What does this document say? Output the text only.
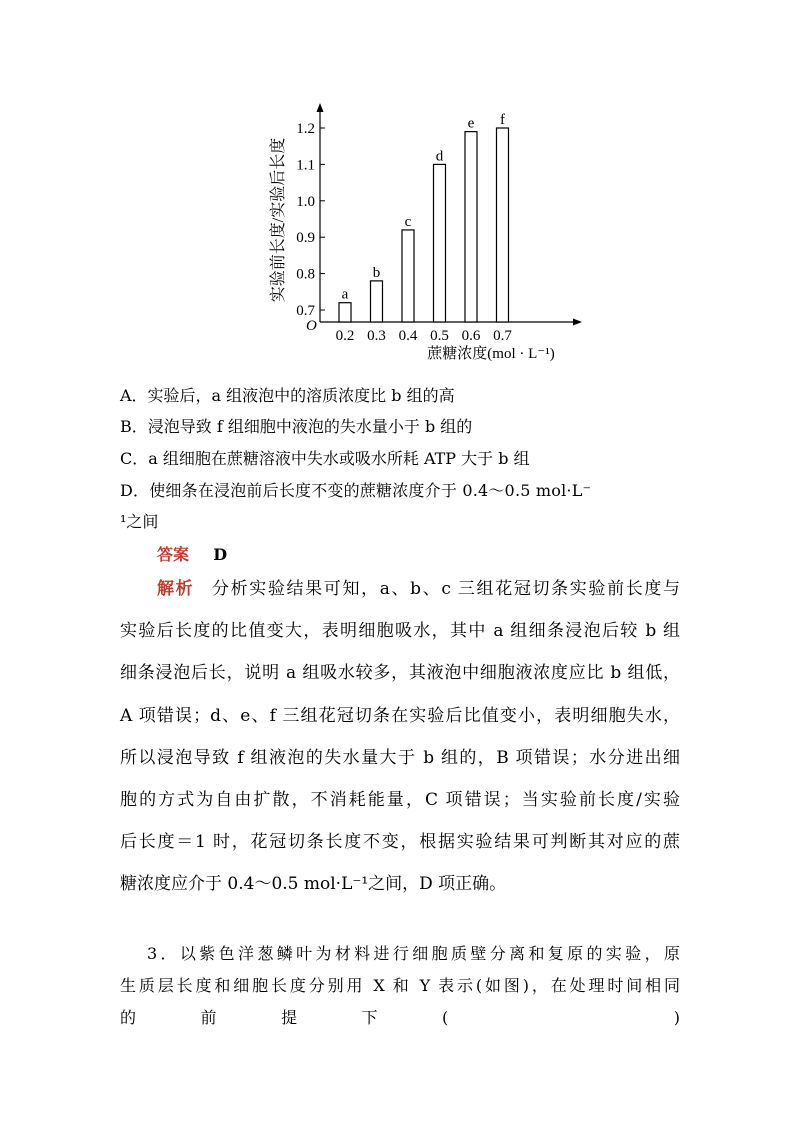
O
实验前长度/实验后长度
蔗糖浓度(mol · L⁻¹)
0.7
0.8
0.9
1.0
1.1
1.2
a
0.2
b
0.3
c
0.4
d
0.5
e
0.6
f
0.7
A．实验后，a 组液泡中的溶质浓度比 b 组的高
B．浸泡导致 f 组细胞中液泡的失水量小于 b 组的
C．a 组细胞在蔗糖溶液中失水或吸水所耗 ATP 大于 b 组
D．使细条在浸泡前后长度不变的蔗糖浓度介于 0.4～0.5 mol·L⁻
¹之间
答案 D
解析 分析实验结果可知，a、b、c 三组花冠切条实验前长度与
实验后长度的比值变大，表明细胞吸水，其中 a 组细条浸泡后较 b 组
细条浸泡后长，说明 a 组吸水较多，其液泡中细胞液浓度应比 b 组低，
A 项错误；d、e、f 三组花冠切条在实验后比值变小，表明细胞失水，
所以浸泡导致 f 组液泡的失水量大于 b 组的，B 项错误；水分进出细
胞的方式为自由扩散，不消耗能量，C 项错误；当实验前长度/实验
后长度＝1 时，花冠切条长度不变，根据实验结果可判断其对应的蔗
糖浓度应介于 0.4～0.5 mol·L⁻¹之间，D 项正确。
3．以紫色洋葱鳞叶为材料进行细胞质壁分离和复原的实验，原
生质层长度和细胞长度分别用 X 和 Y 表示(如图)，在处理时间相同
的前提下(　　)
